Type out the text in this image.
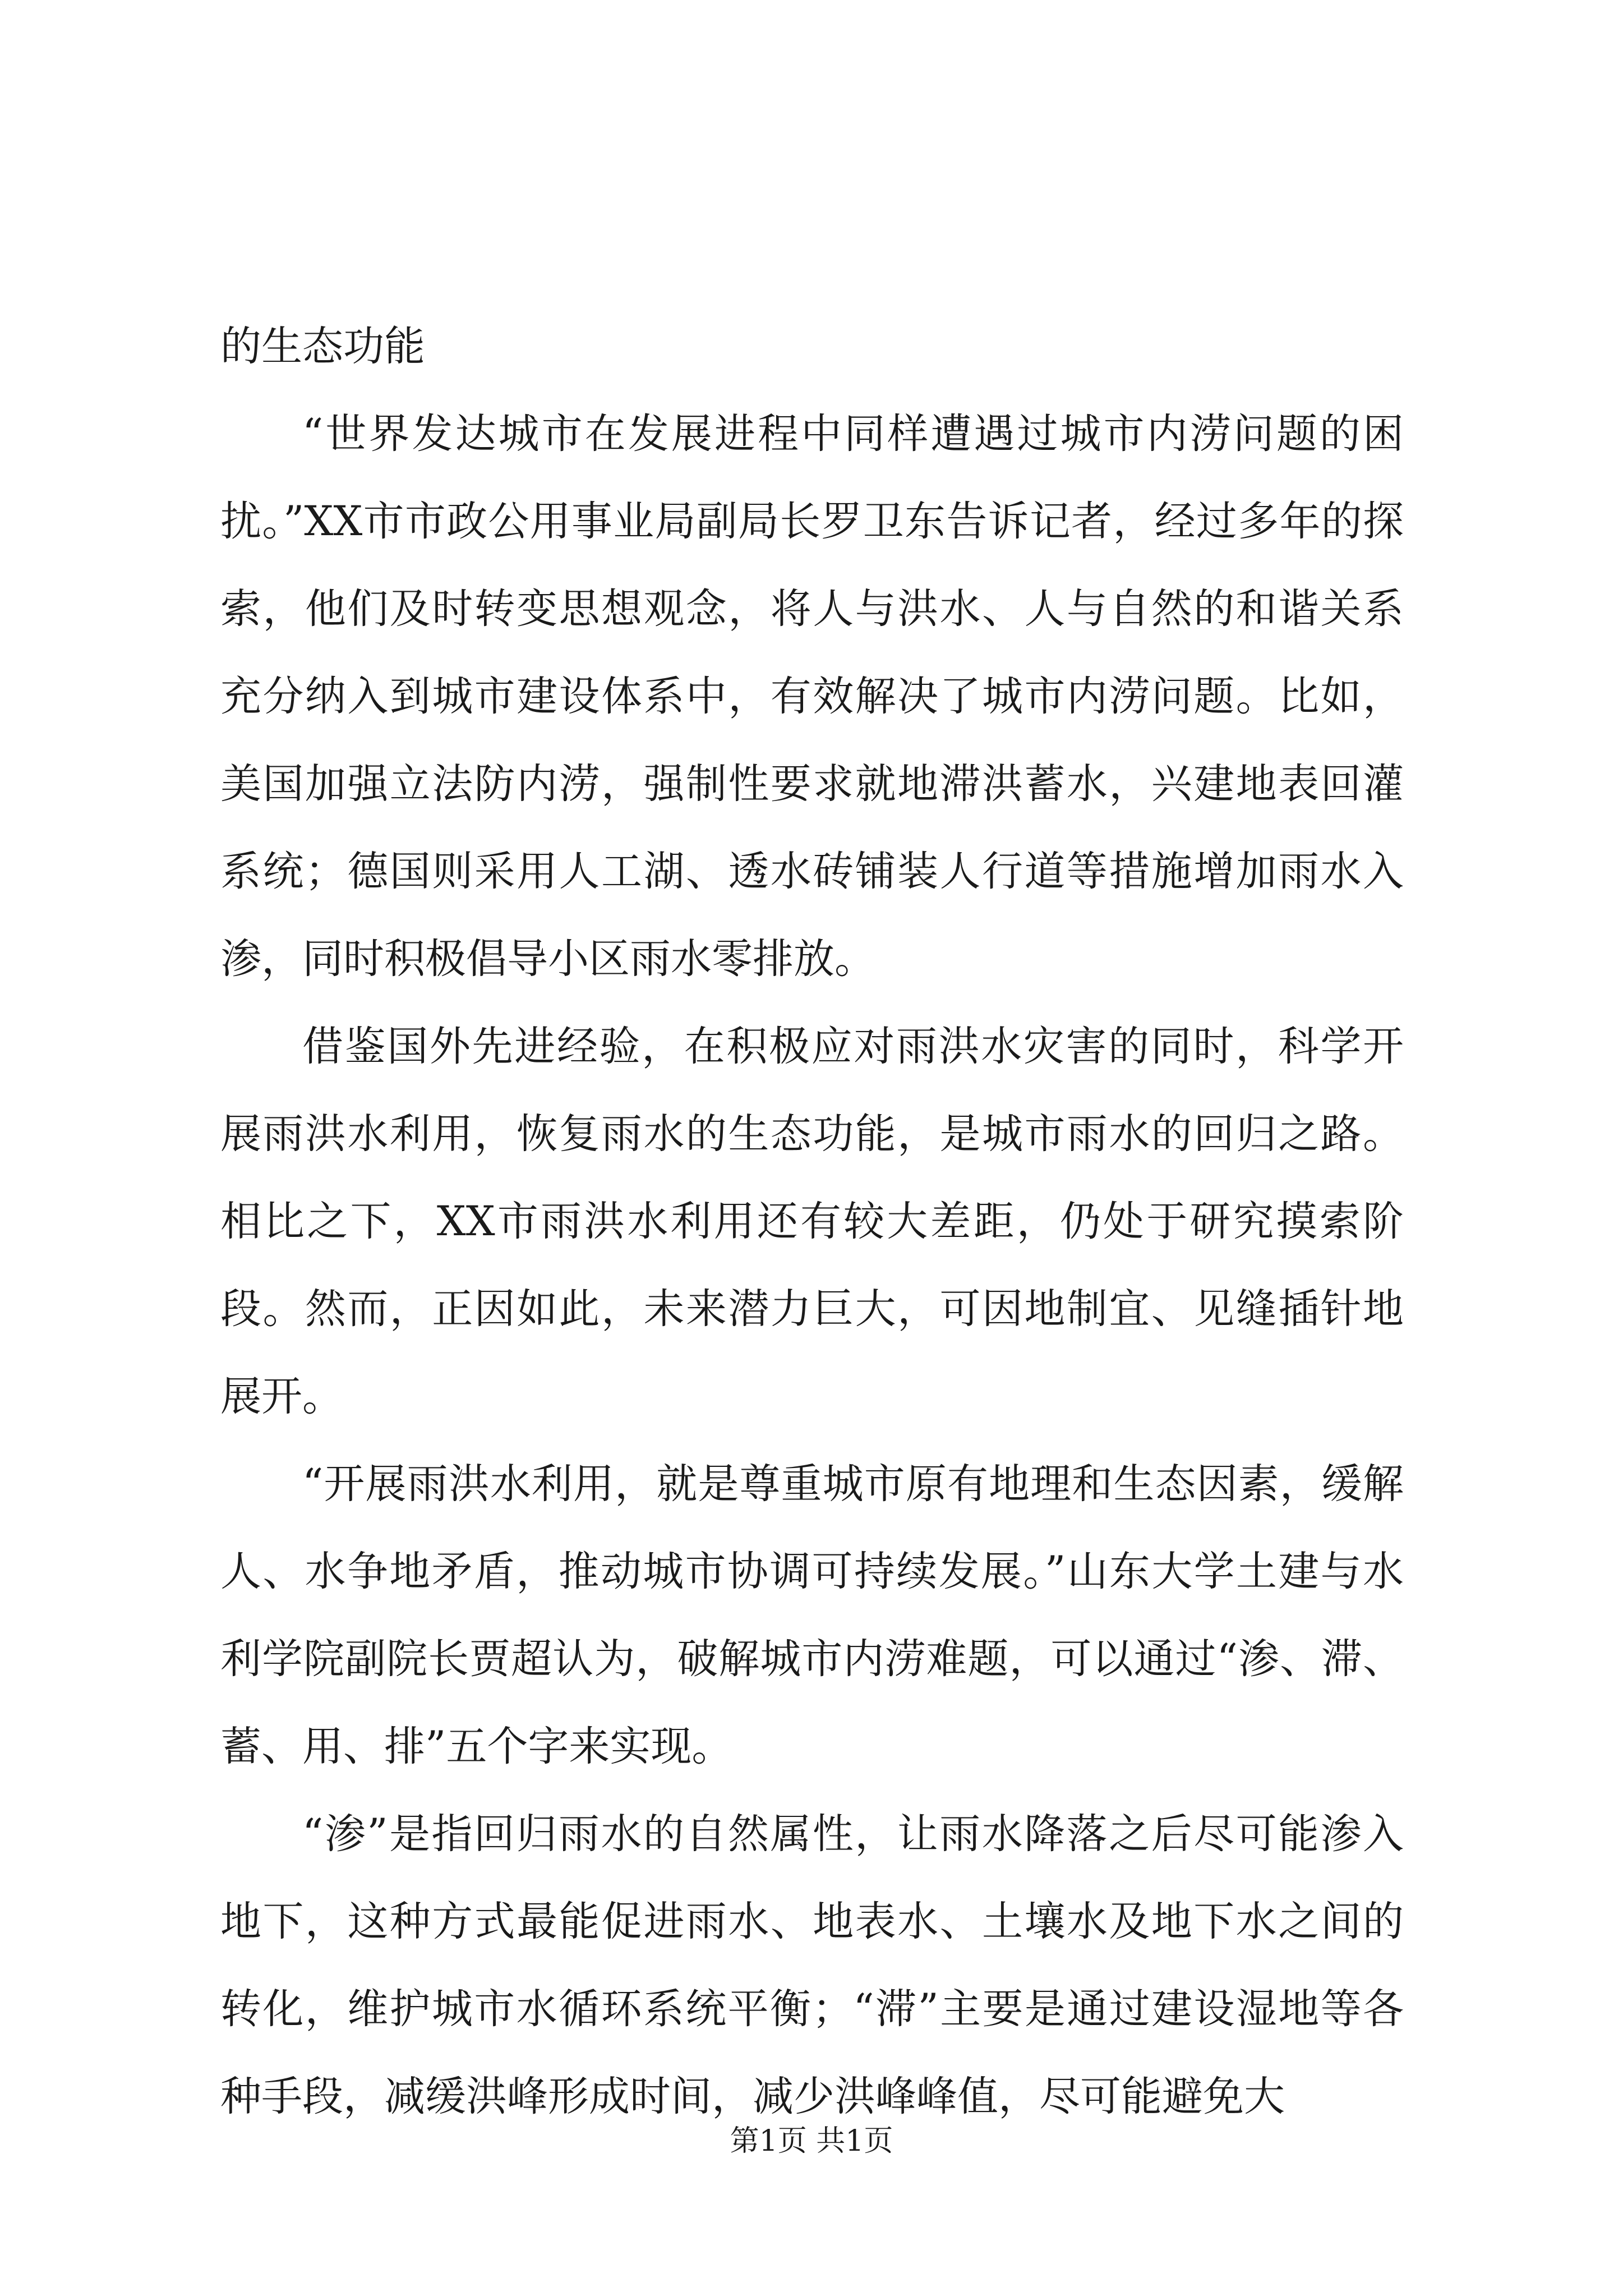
的生态功能

“世界发达城市在发展进程中同样遭遇过城市内涝问题的困扰。”XX市市政公用事业局副局长罗卫东告诉记者，经过多年的探索，他们及时转变思想观念，将人与洪水、人与自然的和谐关系充分纳入到城市建设体系中，有效解决了城市内涝问题。比如，美国加强立法防内涝，强制性要求就地滞洪蓄水，兴建地表回灌系统；德国则采用人工湖、透水砖铺装人行道等措施增加雨水入渗，同时积极倡导小区雨水零排放。

借鉴国外先进经验，在积极应对雨洪水灾害的同时，科学开展雨洪水利用，恢复雨水的生态功能，是城市雨水的回归之路。相比之下，XX市雨洪水利用还有较大差距，仍处于研究摸索阶段。然而，正因如此，未来潜力巨大，可因地制宜、见缝插针地展开。

“开展雨洪水利用，就是尊重城市原有地理和生态因素，缓解人、水争地矛盾，推动城市协调可持续发展。”山东大学土建与水利学院副院长贾超认为，破解城市内涝难题，可以通过“渗、滞、蓄、用、排”五个字来实现。

“渗”是指回归雨水的自然属性，让雨水降落之后尽可能渗入地下，这种方式最能促进雨水、地表水、土壤水及地下水之间的转化，维护城市水循环系统平衡；“滞”主要是通过建设湿地等各种手段，减缓洪峰形成时间，减少洪峰峰值，尽可能避免大

第1页 共1页
